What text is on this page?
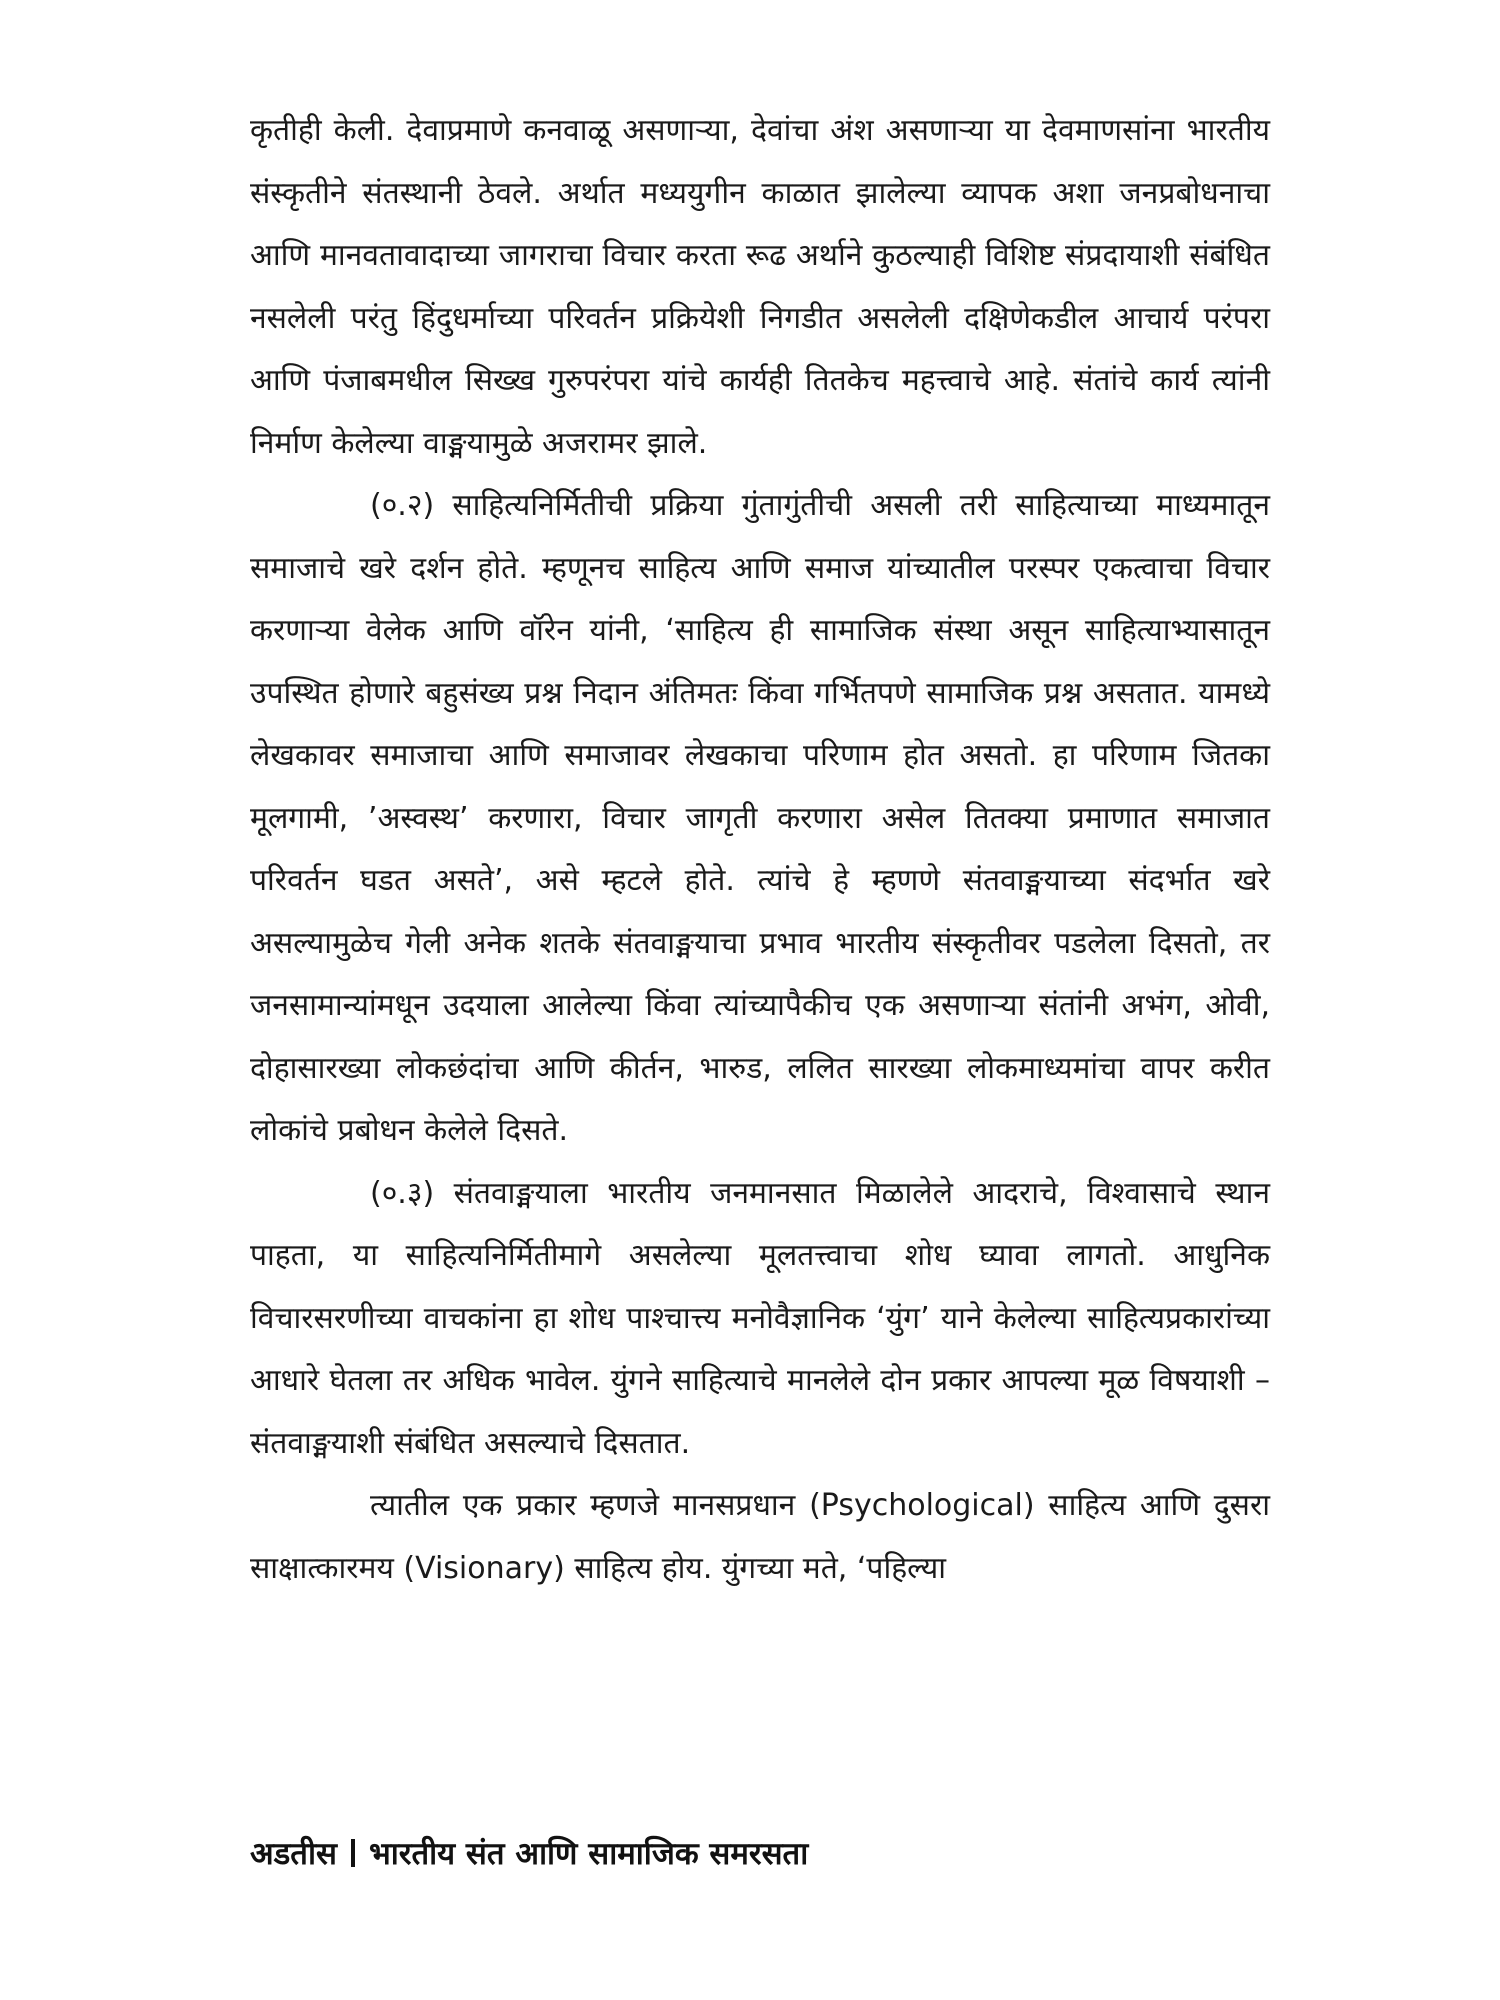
कृतीही केली. देवाप्रमाणे कनवाळू असणाऱ्या, देवांचा अंश असणाऱ्या या देवमाणसांना भारतीय संस्कृतीने संतस्थानी ठेवले. अर्थात मध्ययुगीन काळात झालेल्या व्यापक अशा जनप्रबोधनाचा आणि मानवतावादाच्या जागराचा विचार करता रूढ अर्थाने कुठल्याही विशिष्ट संप्रदायाशी संबंधित नसलेली परंतु हिंदुधर्माच्या परिवर्तन प्रक्रियेशी निगडीत असलेली दक्षिणेकडील आचार्य परंपरा आणि पंजाबमधील सिख्ख गुरुपरंपरा यांचे कार्यही तितकेच महत्त्वाचे आहे. संतांचे कार्य त्यांनी निर्माण केलेल्या वाङ्मयामुळे अजरामर झाले.

(०.२) साहित्यनिर्मितीची प्रक्रिया गुंतागुंतीची असली तरी साहित्याच्या माध्यमातून समाजाचे खरे दर्शन होते. म्हणूनच साहित्य आणि समाज यांच्यातील परस्पर एकत्वाचा विचार करणाऱ्या वेलेक आणि वॉरेन यांनी, ‘साहित्य ही सामाजिक संस्था असून साहित्याभ्यासातून उपस्थित होणारे बहुसंख्य प्रश्न निदान अंतिमतः किंवा गर्भितपणे सामाजिक प्रश्न असतात. यामध्ये लेखकावर समाजाचा आणि समाजावर लेखकाचा परिणाम होत असतो. हा परिणाम जितका मूलगामी, ’अस्वस्थ’ करणारा, विचार जागृती करणारा असेल तितक्या प्रमाणात समाजात परिवर्तन घडत असते’, असे म्हटले होते. त्यांचे हे म्हणणे संतवाङ्मयाच्या संदर्भात खरे असल्यामुळेच गेली अनेक शतके संतवाङ्मयाचा प्रभाव भारतीय संस्कृतीवर पडलेला दिसतो, तर जनसामान्यांमधून उदयाला आलेल्या किंवा त्यांच्यापैकीच एक असणाऱ्या संतांनी अभंग, ओवी, दोहासारख्या लोकछंदांचा आणि कीर्तन, भारुड, ललित सारख्या लोकमाध्यमांचा वापर करीत लोकांचे प्रबोधन केलेले दिसते.

(०.३) संतवाङ्मयाला भारतीय जनमानसात मिळालेले आदराचे, विश्वासाचे स्थान पाहता, या साहित्यनिर्मितीमागे असलेल्या मूलतत्त्वाचा शोध घ्यावा लागतो. आधुनिक विचारसरणीच्या वाचकांना हा शोध पाश्चात्त्य मनोवैज्ञानिक ‘युंग’ याने केलेल्या साहित्यप्रकारांच्या आधारे घेतला तर अधिक भावेल. युंगने साहित्याचे मानलेले दोन प्रकार आपल्या मूळ विषयाशी – संतवाङ्मयाशी संबंधित असल्याचे दिसतात.

त्यातील एक प्रकार म्हणजे मानसप्रधान (Psychological) साहित्य आणि दुसरा साक्षात्कारमय (Visionary) साहित्य होय. युंगच्या मते, ‘पहिल्या

अडतीस भारतीय संत आणि सामाजिक समरसता
